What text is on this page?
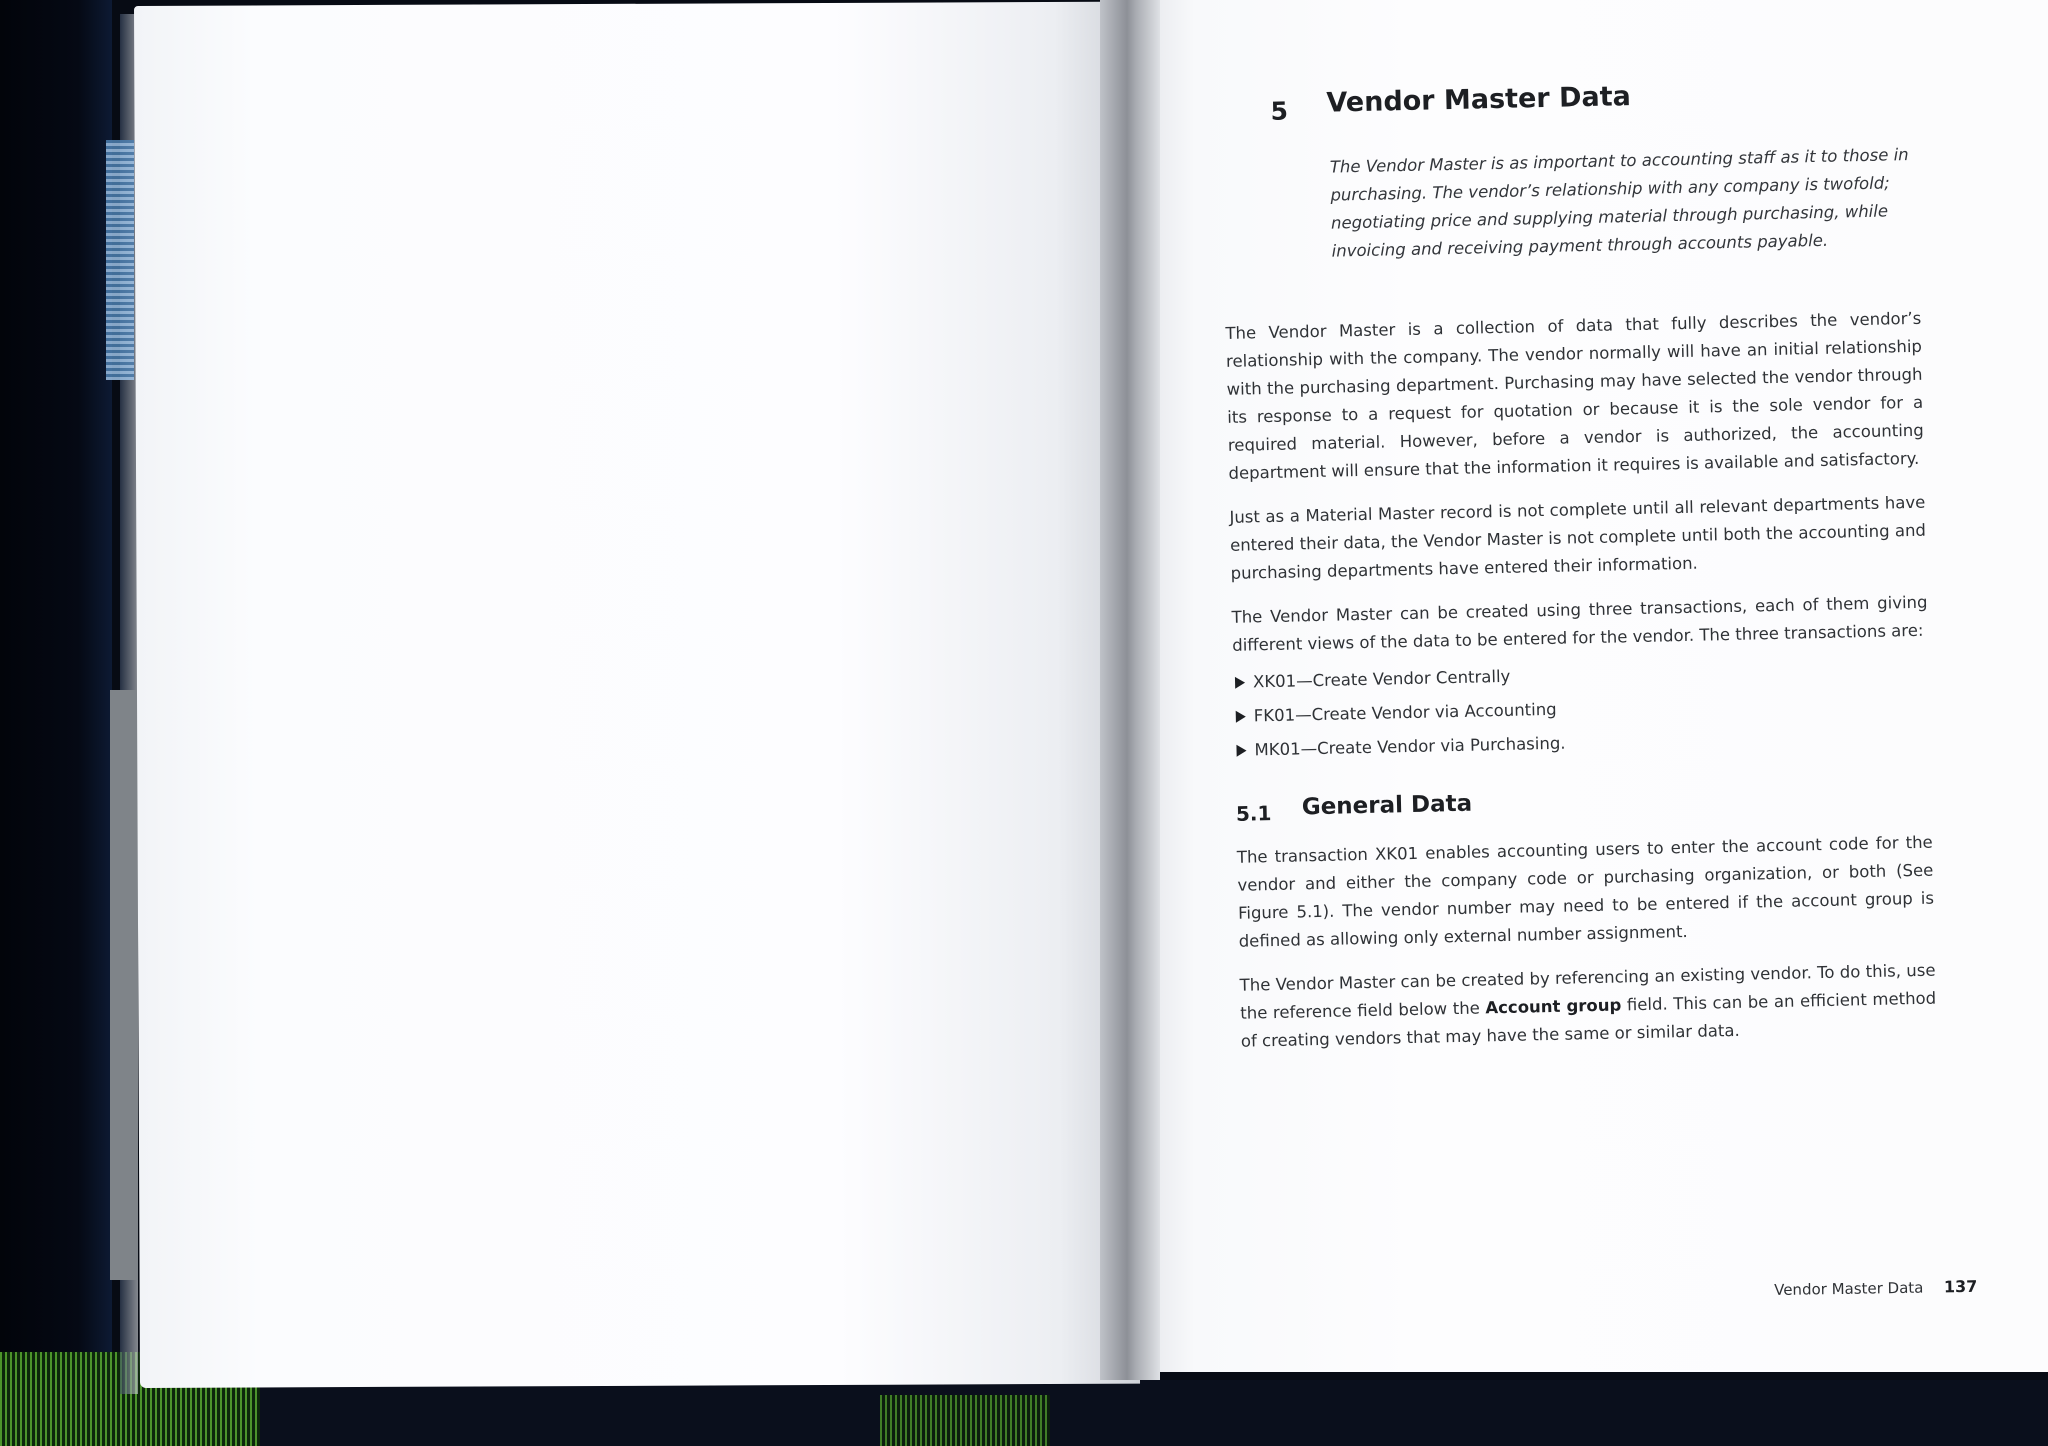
5 Vendor Master Data

The Vendor Master is as important to accounting staff as it to those in purchasing. The vendor’s relationship with any company is twofold; negotiating price and supplying material through purchasing, while invoicing and receiving payment through accounts payable.

The Vendor Master is a collection of data that fully describes the vendor’s relationship with the company. The vendor normally will have an initial relationship with the purchasing department. Purchasing may have selected the vendor through its response to a request for quotation or because it is the sole vendor for a required material. However, before a vendor is authorized, the accounting department will ensure that the information it requires is available and satisfactory.

Just as a Material Master record is not complete until all relevant departments have entered their data, the Vendor Master is not complete until both the accounting and purchasing departments have entered their information.

The Vendor Master can be created using three transactions, each of them giving different views of the data to be entered for the vendor. The three transactions are:

XK01—Create Vendor Centrally
FK01—Create Vendor via Accounting
MK01—Create Vendor via Purchasing.
5.1 General Data

The transaction XK01 enables accounting users to enter the account code for the vendor and either the company code or purchasing organization, or both (See Figure 5.1). The vendor number may need to be entered if the account group is defined as allowing only external number assignment.

The Vendor Master can be created by referencing an existing vendor. To do this, use the reference field below the Account group field. This can be an efficient method of creating vendors that may have the same or similar data.

Vendor Master Data 137
